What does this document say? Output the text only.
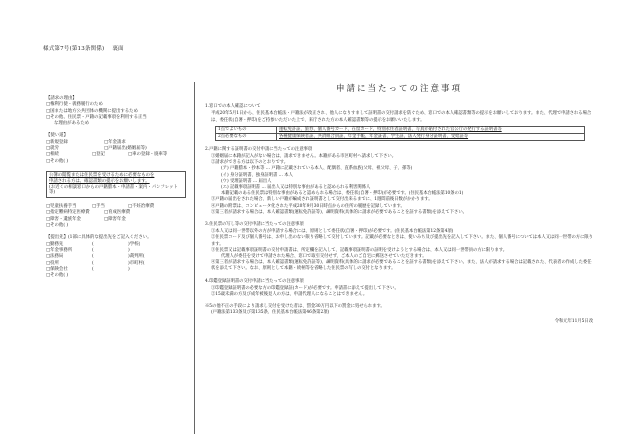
様式第7号(第13条関係) 裏面
【請求の理由】
□権利行使・義務履行のため
□国または地方公共団体の機関に提出するため
□その他、住民票・戸籍の記載事項を利用する正当
な理由があるため
【使い道】
□新規登録	□年金請求
□就労	□戸籍届出(婚姻届等)
□相続	□登記	□車の登録・廃車等
□その他( )
公簿の閲覧または住民票を受けるために必要なものを
申請される方は、確認書類の提示をお願いします。
(お近くの相談窓口からの戸籍謄本・申請書・案内・パンフレット等)
□児童扶養手当	□手当	□不妊治療費
□指定難病特定医療費	□育成医療費
□障害・遺族年金	□障害年金
□その他( )
【提出先】(1部に具体的な提出先をご記入ください。
□勤務先	(	)学校(
□年金事務所	(	)
□法務局	(	)裁判所(
□役所	(	)市町村(
□保険会社	(	)
□その他( )
申請に当たっての注意事項
1.窓口での本人確認について
平成20年5月1日から、住民基本台帳法・戸籍法が改正され、他人になりすまして証明書の交付請求を防ぐため、窓口での本人確認書類等の提示をお願いしております。また、代理で申請される場合は、委任状(自署・押印)をご持参いただいた上で、来庁された方の本人確認書類等の提示をお願いいたします。
1点でよいもの	運転免許証、旅券、個人番号カード、在留カード、特別永住者証明書、写真が貼付された官公庁の発行する証明書等
2点必要なもの	各種健康保険者証、共済組合員証、年金手帳、年金証書、学生証、法人発行身分証明書、受給証等
2.戸籍に関する証明書の交付申請に当たっての注意事項
①婚姻届に本籍が記入がない場合は、請求できません。本籍がある市区町村へ請求して下さい。
②請求ができる方は以下のとおりです。
(ア) 戸籍謄本・抄本等 … 戸籍に記載されている本人、配偶者、直系血族(父母、祖父母、子、孫等)
(イ) 身分証明書、独身証明書 … 本人
(ウ) 受理証明書 … 届出人
(エ) 記載事項証明書 … 届出人又は特別な事由があると認められる利害関係人
本籍記載のある住民票は特別な事由があると認められる場合は、委任状(自署・押印)が必要です。(住民基本台帳法第10条の1)
③戸籍の届出をされた場合、新しい戸籍が編成され証明書として交付出来るまでに、1週間前後日数がかかります。
④戸籍の附票は、コンピュータ化された平成20年9月30日時点からの住所の履歴を記録しています。
⑤第三者が請求する場合は、本人確認書類(運転免許証等)、疎明資料(具体的に請求が必要であることを証する書類)を添えて下さい。
3.住民票の写し等の交付申請に当たっての注意事項
①本人又は同一世帯以外の方が申請する場合には、原則として委任状(自署・押印)が必要です。(住民基本台帳法第12条第4項)
②住民票コード及び個人番号は、お申し出のない限り省略して交付しています。記載が必要なときは、使いみち及び提出先を記入して下さい。また、個人番号については本人又は同一世帯の方に限ります。
③住民票又は記載事項証明書の交付申請書は、所定欄を記入して、記載事項証明書の証明を受けようとする場合は、本人又は同一世帯員の方に限ります。
代理人が委任を受けて申請された場合、窓口で取引交付せず、ご本人のご自宅に郵送させていただきます。
④第三者が請求する場合は、本人確認書類(運転免許証等)、疎明資料(具体的に請求が必要であることを証する書類)を添えて下さい。また、法人が請求する場合は記載された、代表者の作成した委任状を添えて下さい。なお、原則として本籍・続柄等を省略した住民票の写しの交付となります。
4.印鑑登録証明書の交付申請に当たっての注意事項
①印鑑登録証明書の必要な方の印鑑登録証(カード)が必要です。申請書に添えて提出して下さい。
②15歳未満の方及び成年被後見人の方は、申請代理人になることはできません。
※5の他不正の手段により請求し交付を受けた者は、罰金30万円以下の罰金に処せられます。
(戸籍法第133条及び第135条、住民基本台帳法第46条第2項)
令和元年11月5日改
